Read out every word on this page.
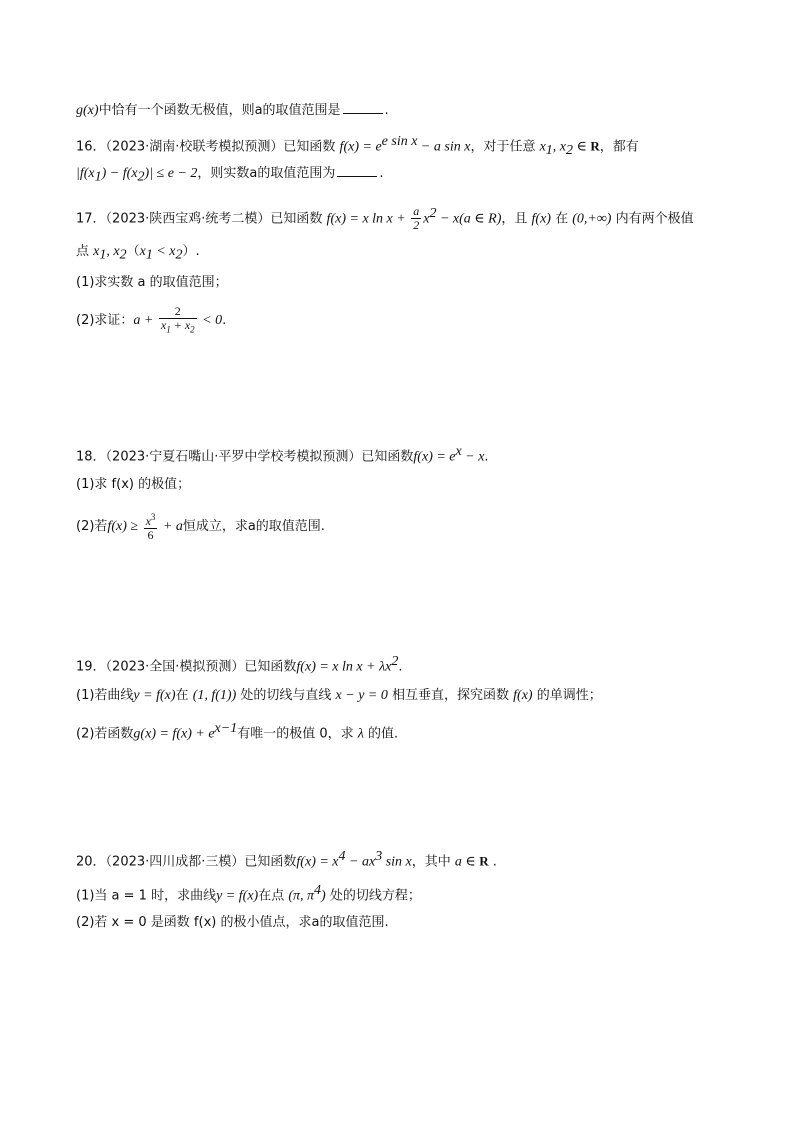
g(x)中恰有一个函数无极值，则a的取值范围是	.
16．（2023·湖南·校联考模拟预测）已知函数 $f(x) = e^{e sin x} - a$ sin x，对于任意 $x_1$, $x_2$ ∈ R，都有
$|f(x_1) - f(x_2)| \le e - 2$，则实数a的取值范围为	.
17．（2023·陕西宝鸡·统考二模）已知函数 f(x) = x $\ln x + \frac{a}{2} x^2 - x(a$ ∈ R)，且 f(x) 在 (0,+∞) 内有两个极值
点 $x_1$, $x_2(x_1 < x_2)$.
(1)求实数 a 的取值范围；
(2)求证：$a + \frac{2}{x_1 + x_2} < 0$.
18．（2023·宁夏石嘴山·平罗中学校考模拟预测）已知函数$f(x) = e^x - x$.
(1)求 f(x) 的极值；
(2)若$f(x) \ge \frac{x^3}{6} + a$恒成立，求a的取值范围.
19．（2023·全国·模拟预测）已知函数f(x) = x $\ln x + \lambda x^2$.
(1)若曲线y = f(x)在 (1, f(1)) 处的切线与直线 x − y = 0 相互垂直，探究函数 f(x) 的单调性；
(2)若函数$g(x) = f(x) + e^{x-1}$有唯一的极值 0，求 λ 的值.
20．（2023·四川成都·三模）已知函数$f(x) = x^4 - ax^3$ sin x，其中 a ∈ R .
(1)当 a = 1 时，求曲线y = f(x)在点 (π, $\pi^4$) 处的切线方程；
(2)若 x = 0 是函数 f(x) 的极小值点，求a的取值范围.
